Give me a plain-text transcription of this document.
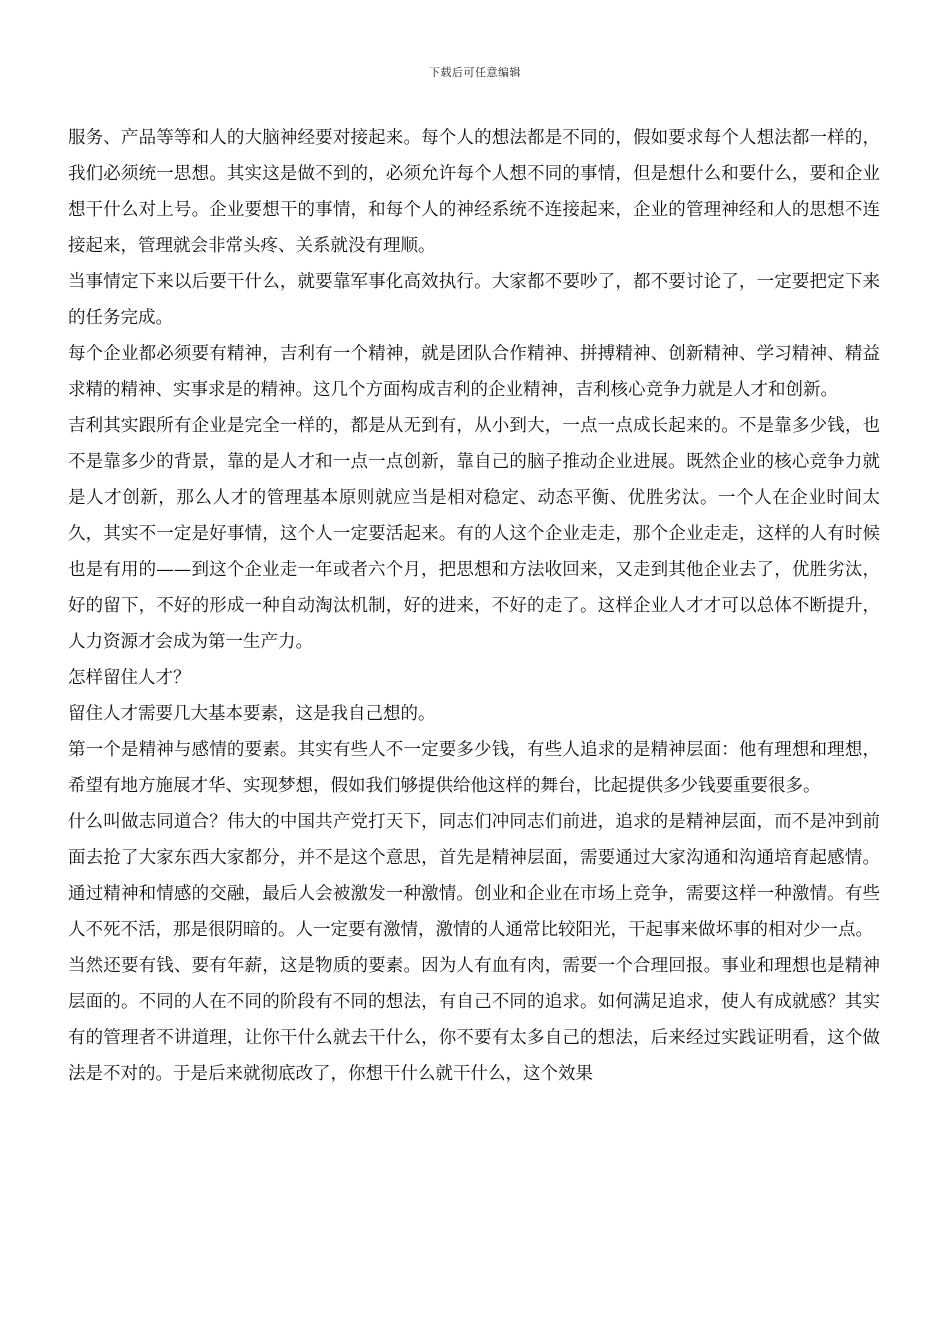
下载后可任意编辑

服务、产品等等和人的大脑神经要对接起来。每个人的想法都是不同的，假如要求每个人想法都一样的，我们必须统一思想。其实这是做不到的，必须允许每个人想不同的事情，但是想什么和要什么，要和企业想干什么对上号。企业要想干的事情，和每个人的神经系统不连接起来，企业的管理神经和人的思想不连接起来，管理就会非常头疼、关系就没有理顺。

当事情定下来以后要干什么，就要靠军事化高效执行。大家都不要吵了，都不要讨论了，一定要把定下来的任务完成。

每个企业都必须要有精神，吉利有一个精神，就是团队合作精神、拼搏精神、创新精神、学习精神、精益求精的精神、实事求是的精神。这几个方面构成吉利的企业精神，吉利核心竞争力就是人才和创新。

吉利其实跟所有企业是完全一样的，都是从无到有，从小到大，一点一点成长起来的。不是靠多少钱，也不是靠多少的背景，靠的是人才和一点一点创新，靠自己的脑子推动企业进展。既然企业的核心竞争力就是人才创新，那么人才的管理基本原则就应当是相对稳定、动态平衡、优胜劣汰。一个人在企业时间太久，其实不一定是好事情，这个人一定要活起来。有的人这个企业走走，那个企业走走，这样的人有时候也是有用的——到这个企业走一年或者六个月，把思想和方法收回来，又走到其他企业去了，优胜劣汰，好的留下，不好的形成一种自动淘汰机制，好的进来，不好的走了。这样企业人才才可以总体不断提升，人力资源才会成为第一生产力。

怎样留住人才？

留住人才需要几大基本要素，这是我自己想的。

第一个是精神与感情的要素。其实有些人不一定要多少钱，有些人追求的是精神层面：他有理想和理想，希望有地方施展才华、实现梦想，假如我们够提供给他这样的舞台，比起提供多少钱要重要很多。

什么叫做志同道合？伟大的中国共产党打天下，同志们冲同志们前进，追求的是精神层面，而不是冲到前面去抢了大家东西大家都分，并不是这个意思，首先是精神层面，需要通过大家沟通和沟通培育起感情。通过精神和情感的交融，最后人会被激发一种激情。创业和企业在市场上竞争，需要这样一种激情。有些人不死不活，那是很阴暗的。人一定要有激情，激情的人通常比较阳光，干起事来做坏事的相对少一点。

当然还要有钱、要有年薪，这是物质的要素。因为人有血有肉，需要一个合理回报。事业和理想也是精神层面的。不同的人在不同的阶段有不同的想法，有自己不同的追求。如何满足追求，使人有成就感？其实有的管理者不讲道理，让你干什么就去干什么，你不要有太多自己的想法，后来经过实践证明看，这个做法是不对的。于是后来就彻底改了，你想干什么就干什么，这个效果
